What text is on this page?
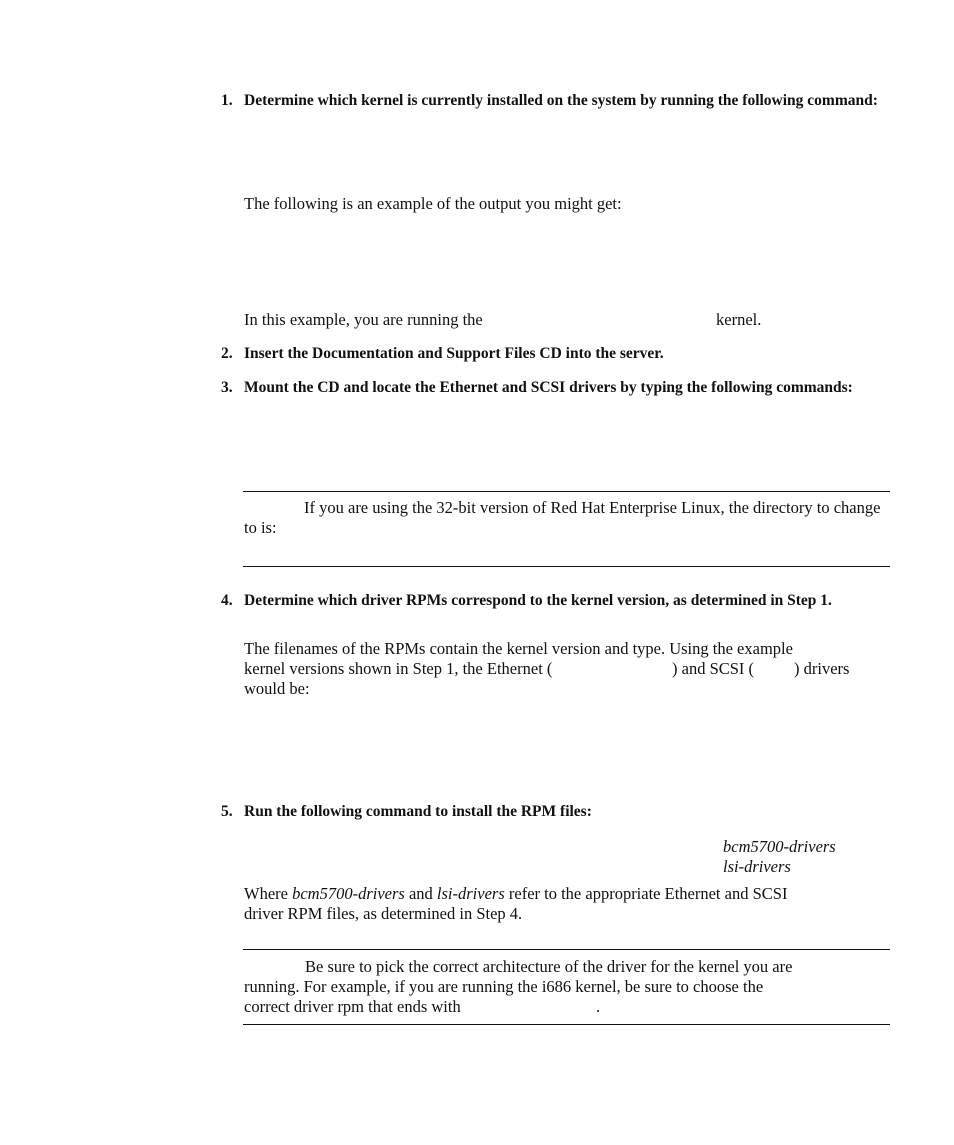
1. Determine which kernel is currently installed on the system by running the following command:
The following is an example of the output you might get:
In this example, you are running the	kernel.
2. Insert the Documentation and Support Files CD into the server.
3. Mount the CD and locate the Ethernet and SCSI drivers by typing the following commands:
If you are using the 32-bit version of Red Hat Enterprise Linux, the directory to change to is:
4. Determine which driver RPMs correspond to the kernel version, as determined in Step 1.
The filenames of the RPMs contain the kernel version and type. Using the example
kernel versions shown in Step 1, the Ethernet (	) and SCSI ( ) drivers
would be:
5. Run the following command to install the RPM files:
bcm5700-drivers
lsi-drivers
Where bcm5700-drivers and lsi-drivers refer to the appropriate Ethernet and SCSI
driver RPM files, as determined in Step 4.
Be sure to pick the correct architecture of the driver for the kernel you are
running. For example, if you are running the i686 kernel, be sure to choose the
correct driver rpm that ends with	.
